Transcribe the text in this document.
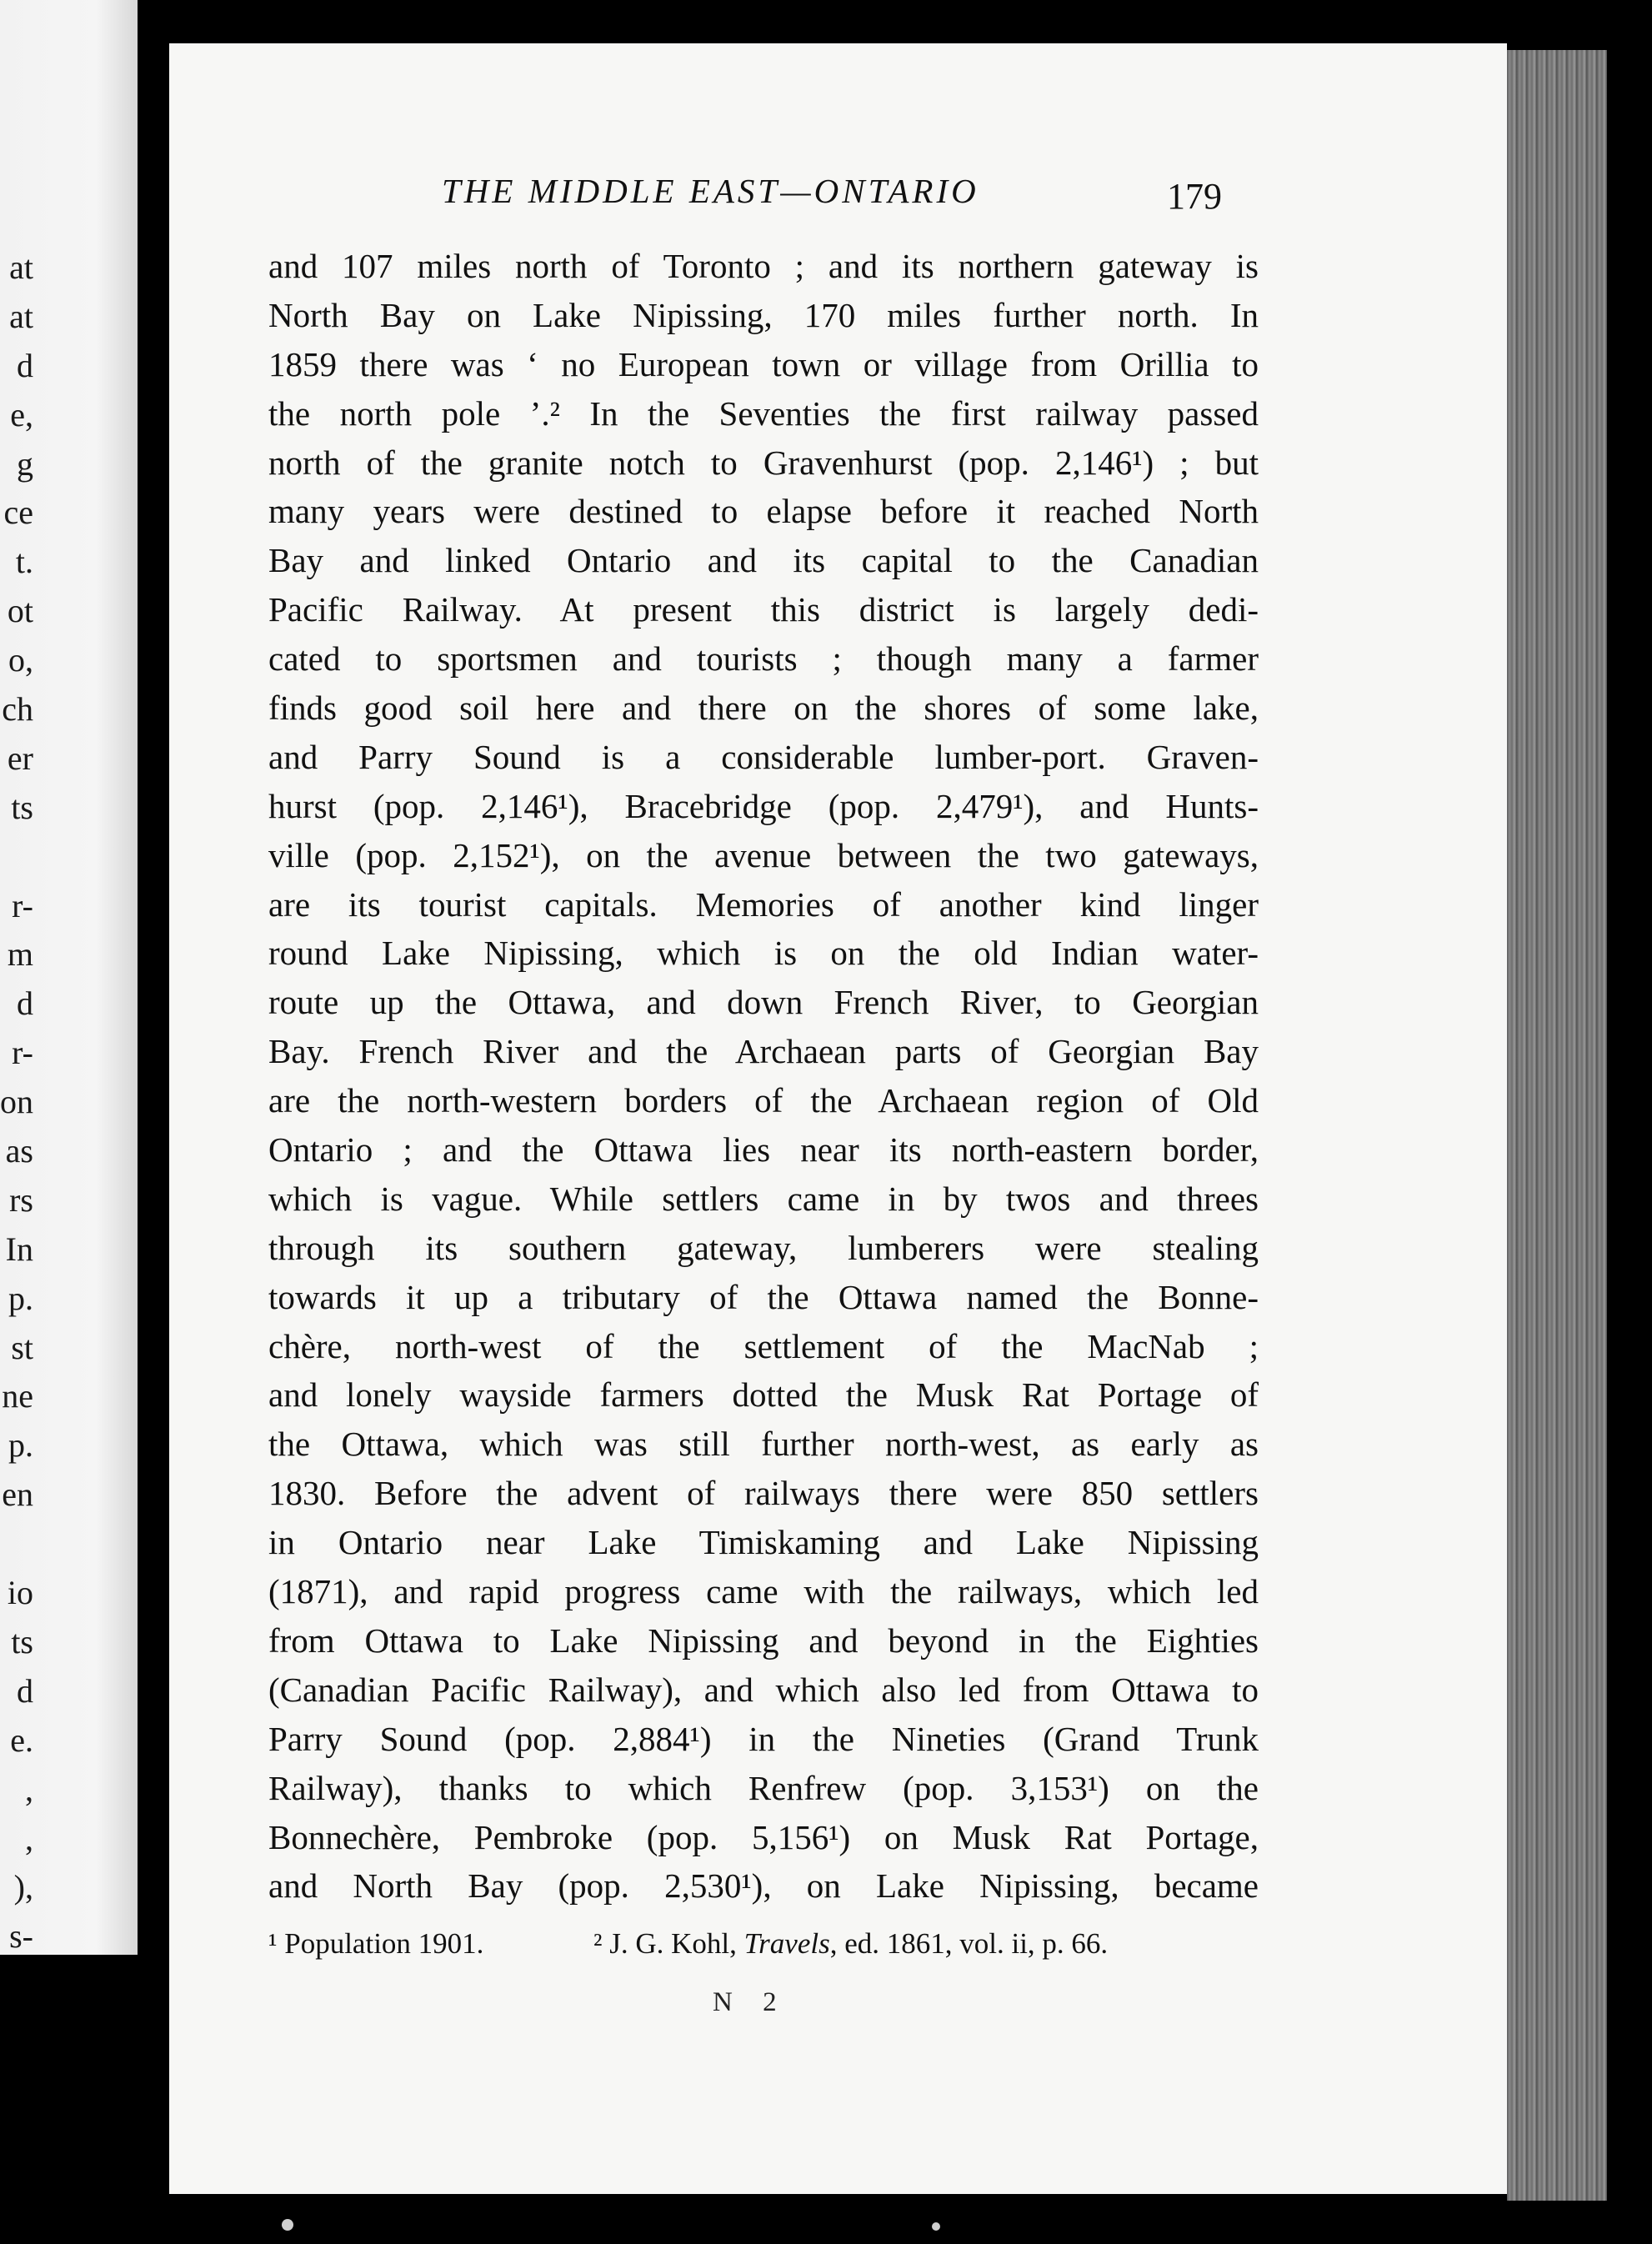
at
at
d
e,
g
ce
t.
ot
o,
ch
er
ts
r-
m
d
r-
on
as
rs
In
p.
st
ne
p.
en
io
ts
d
e.
,
,
),
s-
THE MIDDLE EAST—ONTARIO	179
and 107 miles north of Toronto ; and its northern gateway is
North Bay on Lake Nipissing, 170 miles further north. In
1859 there was ‘ no European town or village from Orillia to
the north pole ’.² In the Seventies the first railway passed
north of the granite notch to Gravenhurst (pop. 2,146¹) ; but
many years were destined to elapse before it reached North
Bay and linked Ontario and its capital to the Canadian
Pacific Railway. At present this district is largely dedi-
cated to sportsmen and tourists ; though many a farmer
finds good soil here and there on the shores of some lake,
and Parry Sound is a considerable lumber-port. Graven-
hurst (pop. 2,146¹), Bracebridge (pop. 2,479¹), and Hunts-
ville (pop. 2,152¹), on the avenue between the two gateways,
are its tourist capitals. Memories of another kind linger
round Lake Nipissing, which is on the old Indian water-
route up the Ottawa, and down French River, to Georgian
Bay. French River and the Archaean parts of Georgian Bay
are the north-western borders of the Archaean region of Old
Ontario ; and the Ottawa lies near its north-eastern border,
which is vague. While settlers came in by twos and threes
through its southern gateway, lumberers were stealing
towards it up a tributary of the Ottawa named the Bonne-
chère, north-west of the settlement of the MacNab ;
and lonely wayside farmers dotted the Musk Rat Portage of
the Ottawa, which was still further north-west, as early as
1830. Before the advent of railways there were 850 settlers
in Ontario near Lake Timiskaming and Lake Nipissing
(1871), and rapid progress came with the railways, which led
from Ottawa to Lake Nipissing and beyond in the Eighties
(Canadian Pacific Railway), and which also led from Ottawa to
Parry Sound (pop. 2,884¹) in the Nineties (Grand Trunk
Railway), thanks to which Renfrew (pop. 3,153¹) on the
Bonnechère, Pembroke (pop. 5,156¹) on Musk Rat Portage,
and North Bay (pop. 2,530¹), on Lake Nipissing, became
¹ Population 1901.	² J. G. Kohl, Travels, ed. 1861, vol. ii, p. 66.
N 2
